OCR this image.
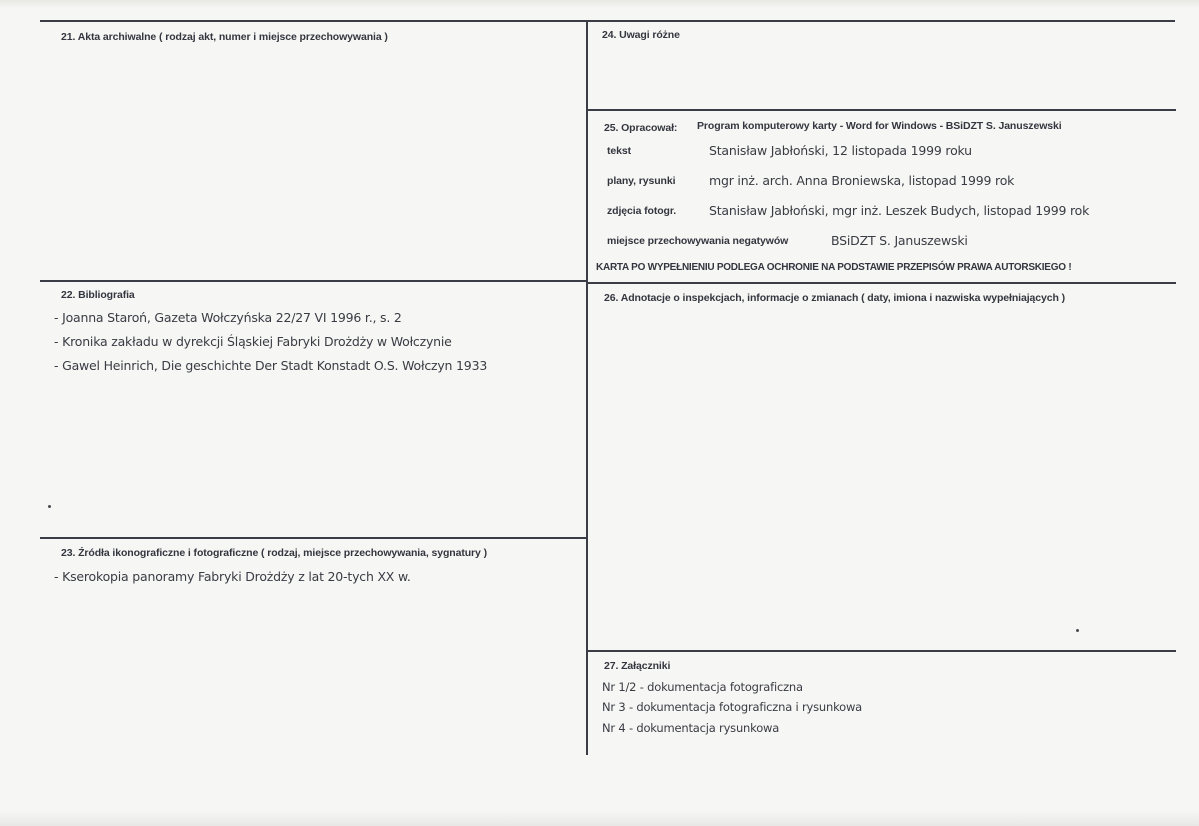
21. Akta archiwalne ( rodzaj akt, numer i miejsce przechowywania )	24. Uwagi różne
25. Opracował: Program komputerowy karty - Word for Windows - BSiDZT S. Januszewski
tekst	Stanisław Jabłoński, 12 listopada 1999 roku
plany, rysunki	mgr inż. arch. Anna Broniewska, listopad 1999 rok
zdjęcia fotogr.	Stanisław Jabłoński, mgr inż. Leszek Budych, listopad 1999 rok
miejsce przechowywania negatywów	BSiDZT S. Januszewski
KARTA PO WYPEŁNIENIU PODLEGA OCHRONIE NA PODSTAWIE PRZEPISÓW PRAWA AUTORSKIEGO !
22. Bibliografia
- Joanna Staroń, Gazeta Wołczyńska 22/27 VI 1996 r., s. 2
- Kronika zakładu w dyrekcji Śląskiej Fabryki Drożdży w Wołczynie
- Gawel Heinrich, Die geschichte Der Stadt Konstadt O.S. Wołczyn 1933
26. Adnotacje o inspekcjach, informacje o zmianach ( daty, imiona i nazwiska wypełniających )
23. Źródła ikonograficzne i fotograficzne ( rodzaj, miejsce przechowywania, sygnatury )
- Kserokopia panoramy Fabryki Drożdży z lat 20-tych XX w.
27. Załączniki
Nr 1/2 - dokumentacja fotograficzna
Nr 3 - dokumentacja fotograficzna i rysunkowa
Nr 4 - dokumentacja rysunkowa
